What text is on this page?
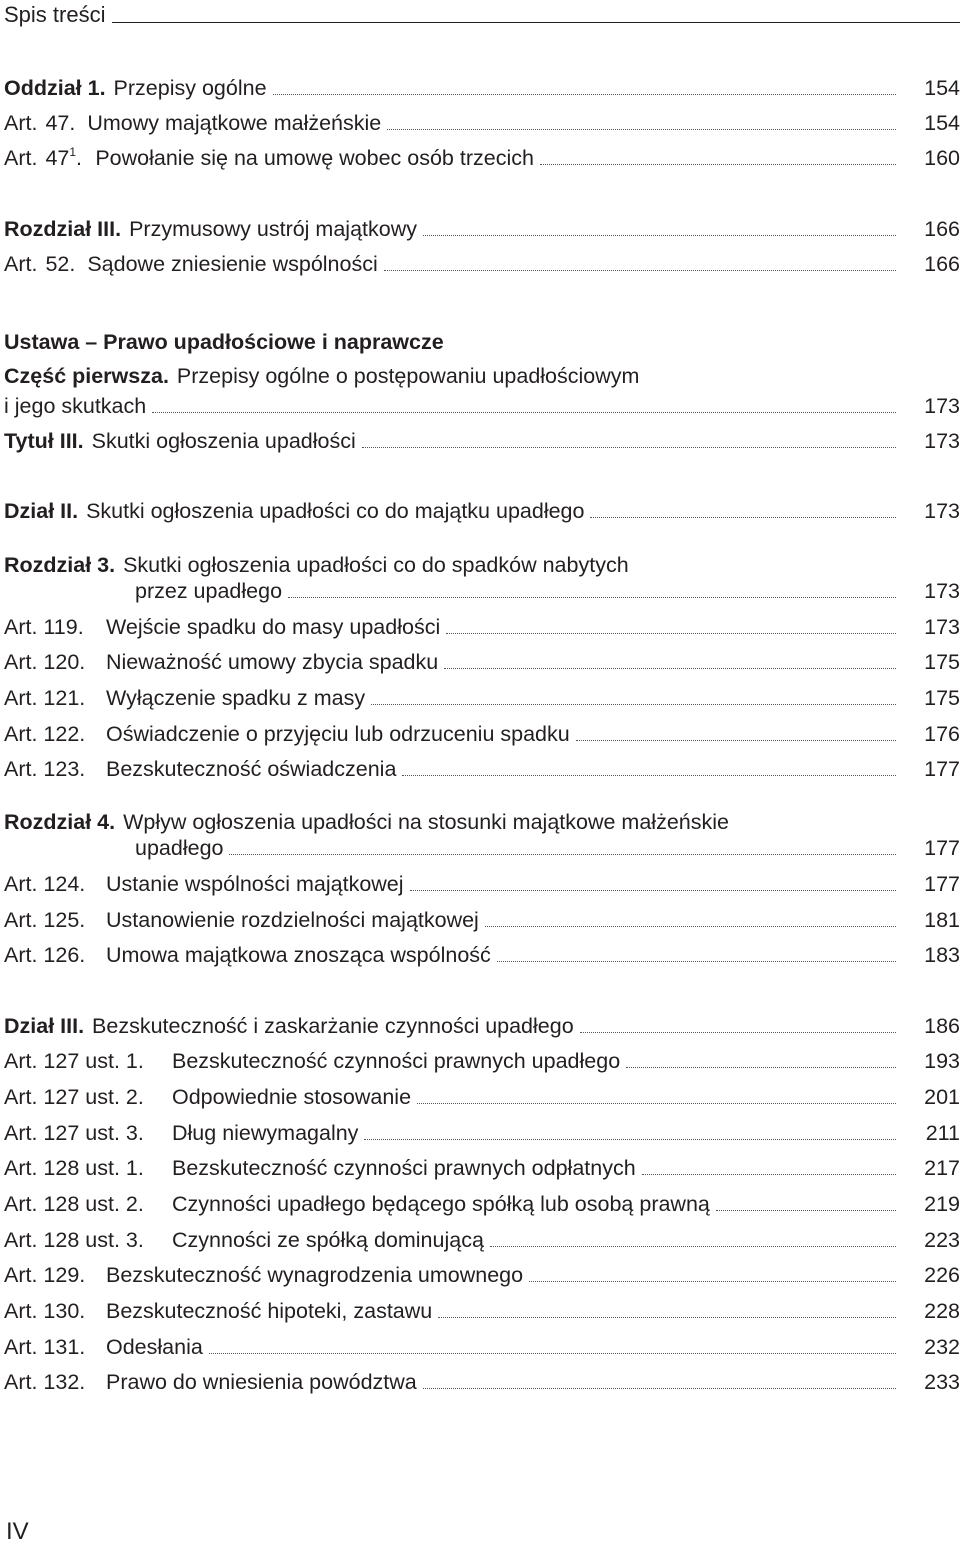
Spis treści
Oddział 1. Przepisy ogólne	154
Art. 47. Umowy majątkowe małżeńskie	154
Art. $47^1$. Powołanie się na umowę wobec osób trzecich	160
Rozdział III. Przymusowy ustrój majątkowy	166
Art. 52. Sądowe zniesienie wspólności	166
Ustawa – Prawo upadłościowe i naprawcze
Część pierwsza. Przepisy ogólne o postępowaniu upadłościowym
i jego skutkach	173
Tytuł III. Skutki ogłoszenia upadłości	173
Dział II. Skutki ogłoszenia upadłości co do majątku upadłego	173
Rozdział 3. Skutki ogłoszenia upadłości co do spadków nabytych
przez upadłego	173
Art. 119. Wejście spadku do masy upadłości	173
Art. 120. Nieważność umowy zbycia spadku	175
Art. 121. Wyłączenie spadku z masy	175
Art. 122. Oświadczenie o przyjęciu lub odrzuceniu spadku	176
Art. 123. Bezskuteczność oświadczenia	177
Rozdział 4. Wpływ ogłoszenia upadłości na stosunki majątkowe małżeńskie
upadłego	177
Art. 124. Ustanie wspólności majątkowej	177
Art. 125. Ustanowienie rozdzielności majątkowej	181
Art. 126. Umowa majątkowa znosząca wspólność	183
Dział III. Bezskuteczność i zaskarżanie czynności upadłego	186
Art. 127 ust. 1. Bezskuteczność czynności prawnych upadłego	193
Art. 127 ust. 2. Odpowiednie stosowanie	201
Art. 127 ust. 3. Dług niewymagalny	211
Art. 128 ust. 1. Bezskuteczność czynności prawnych odpłatnych	217
Art. 128 ust. 2. Czynności upadłego będącego spółką lub osobą prawną	219
Art. 128 ust. 3. Czynności ze spółką dominującą	223
Art. 129. Bezskuteczność wynagrodzenia umownego	226
Art. 130. Bezskuteczność hipoteki, zastawu	228
Art. 131. Odesłania	232
Art. 132. Prawo do wniesienia powództwa	233
IV
